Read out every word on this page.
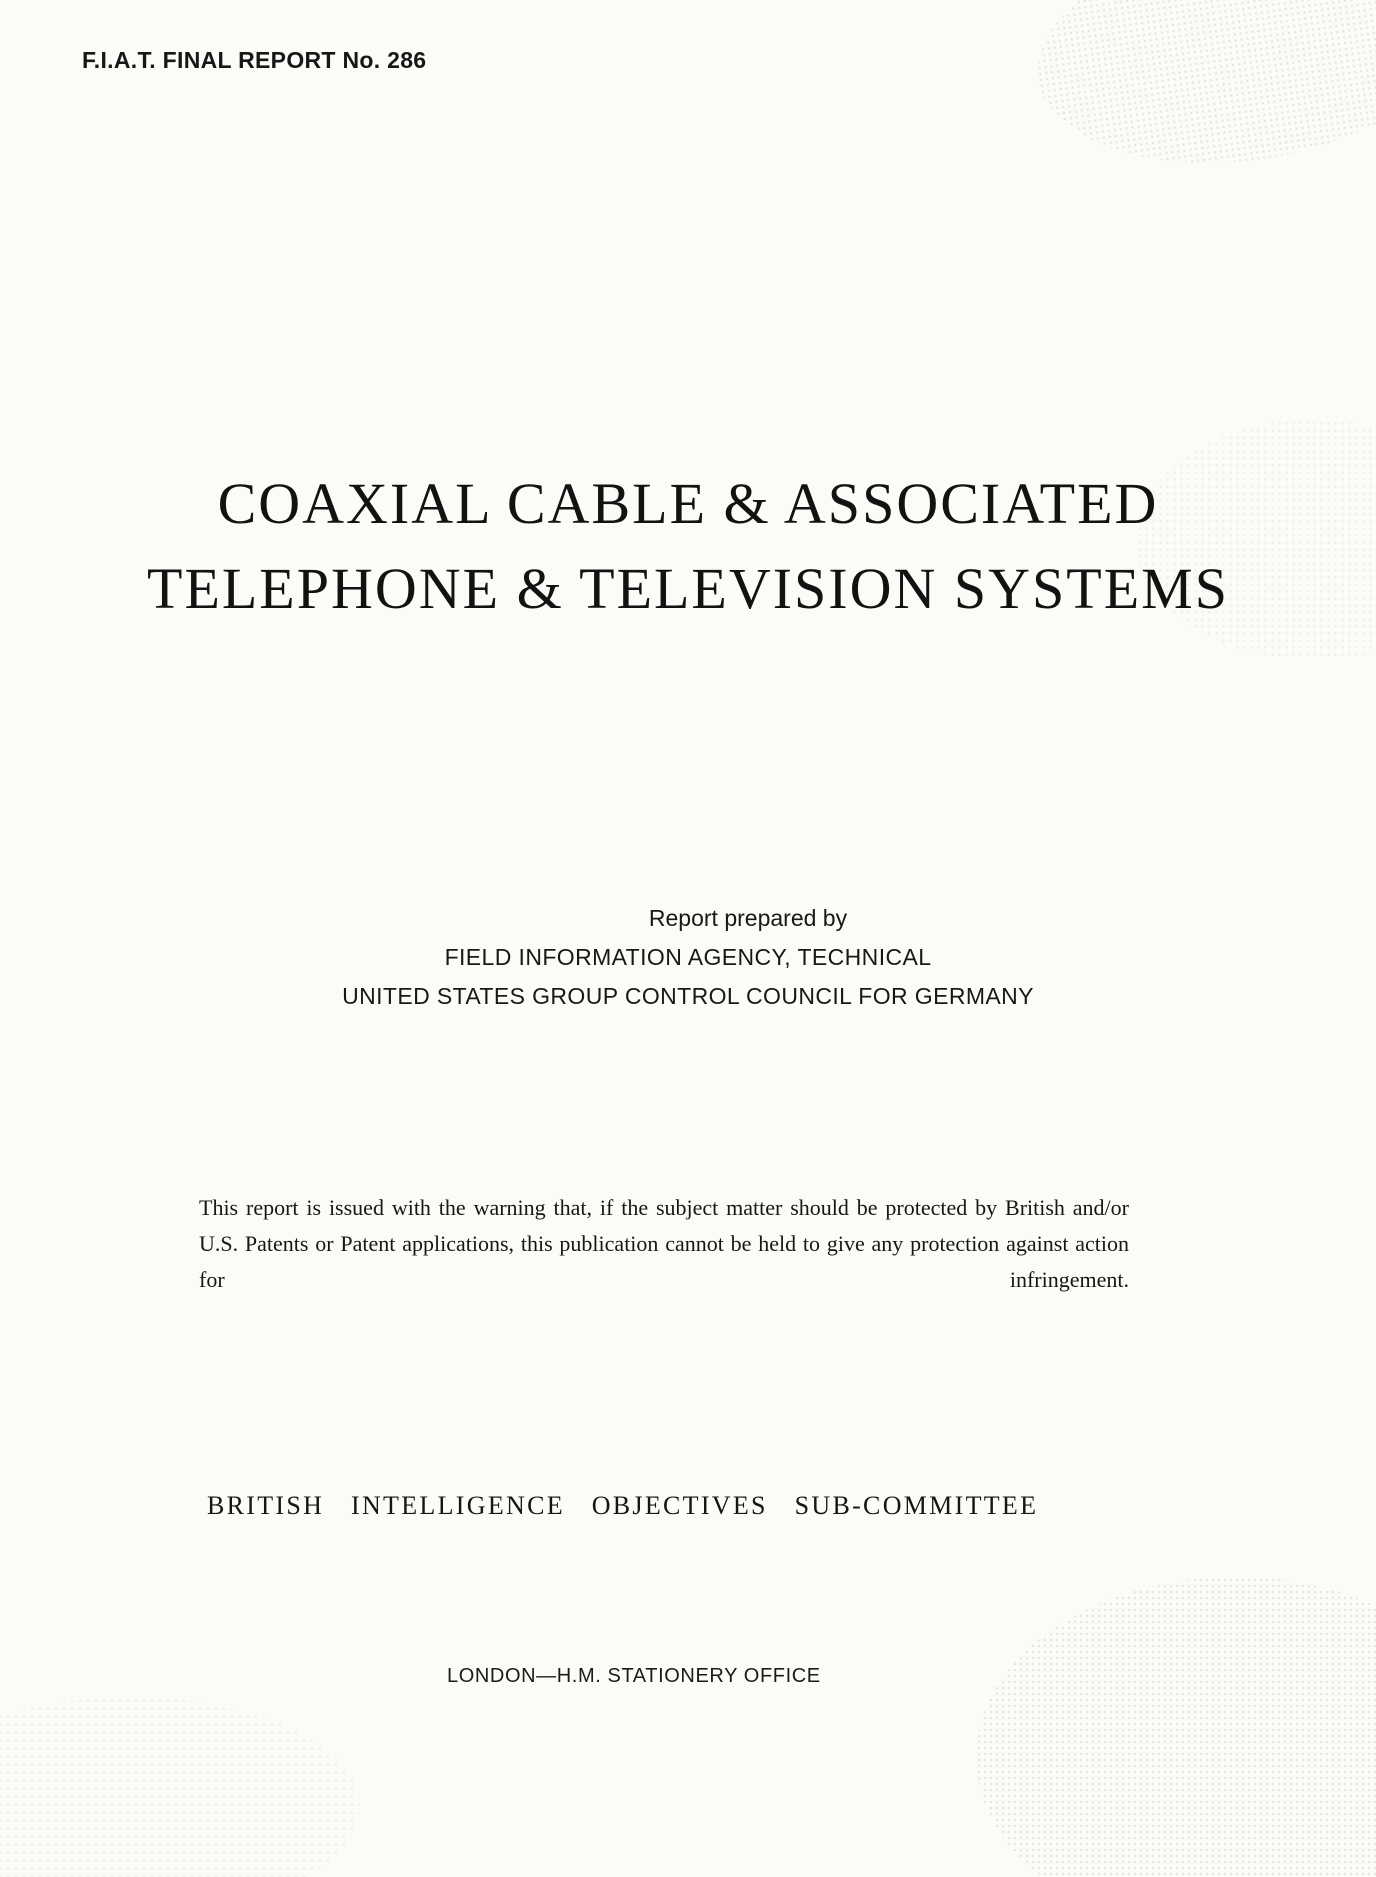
F.I.A.T. FINAL REPORT No. 286
COAXIAL CABLE & ASSOCIATED
TELEPHONE & TELEVISION SYSTEMS
Report prepared by
FIELD INFORMATION AGENCY, TECHNICAL
UNITED STATES GROUP CONTROL COUNCIL FOR GERMANY
This report is issued with the warning that, if the subject matter should be protected by British and/or U.S. Patents or Patent applications, this publication cannot be held to give any protection against action for infringement.
BRITISH INTELLIGENCE OBJECTIVES SUB-COMMITTEE
LONDON—H.M. STATIONERY OFFICE
